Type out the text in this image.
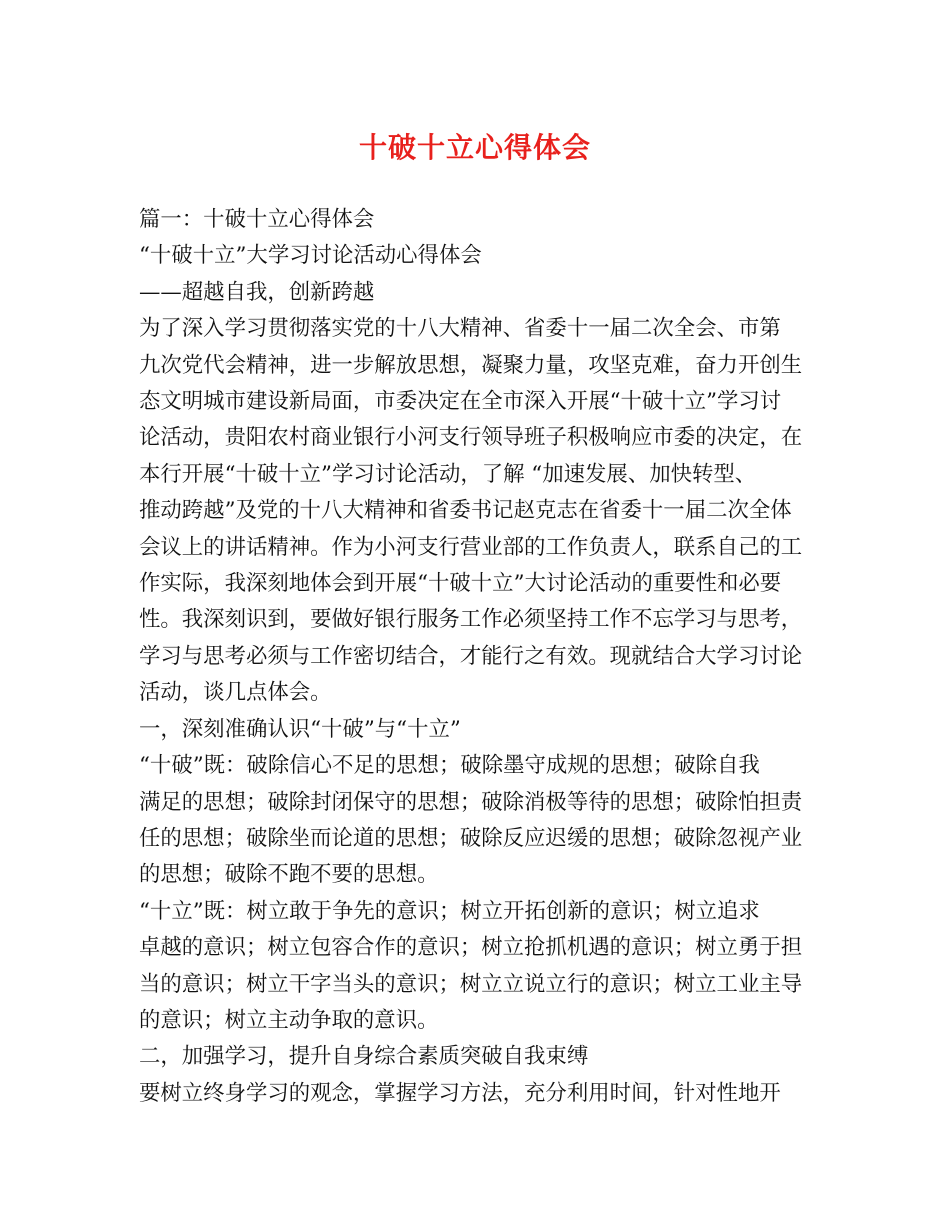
十破十立心得体会

篇一：十破十立心得体会

“十破十立”大学习讨论活动心得体会

——超越自我，创新跨越

为了深入学习贯彻落实党的十八大精神、省委十一届二次全会、市第

九次党代会精神，进一步解放思想，凝聚力量，攻坚克难，奋力开创生

态文明城市建设新局面，市委决定在全市深入开展“十破十立”学习讨

论活动，贵阳农村商业银行小河支行领导班子积极响应市委的决定，在

本行开展“十破十立”学习讨论活动，了解 “加速发展、加快转型、

推动跨越”及党的十八大精神和省委书记赵克志在省委十一届二次全体

会议上的讲话精神。作为小河支行营业部的工作负责人，联系自己的工

作实际，我深刻地体会到开展“十破十立”大讨论活动的重要性和必要

性。我深刻识到，要做好银行服务工作必须坚持工作不忘学习与思考，

学习与思考必须与工作密切结合，才能行之有效。现就结合大学习讨论

活动，谈几点体会。

一，深刻准确认识“十破”与“十立”

“十破”既：破除信心不足的思想；破除墨守成规的思想；破除自我

满足的思想；破除封闭保守的思想；破除消极等待的思想；破除怕担责

任的思想；破除坐而论道的思想；破除反应迟缓的思想；破除忽视产业

的思想；破除不跑不要的思想。

“十立”既：树立敢于争先的意识；树立开拓创新的意识；树立追求

卓越的意识；树立包容合作的意识；树立抢抓机遇的意识；树立勇于担

当的意识；树立干字当头的意识；树立立说立行的意识；树立工业主导

的意识；树立主动争取的意识。

二，加强学习，提升自身综合素质突破自我束缚

要树立终身学习的观念，掌握学习方法，充分利用时间，针对性地开
